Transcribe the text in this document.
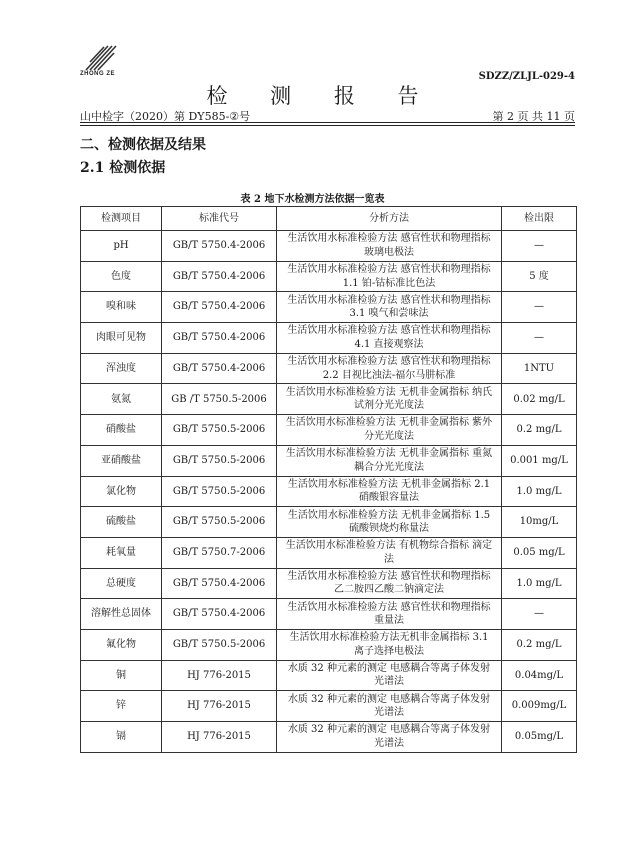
ZHONG ZE	SDZZ/ZLJL-029-4
检 测 报 告
山中检字（2020）第 DY585-②号	第 2 页 共 11 页
二、检测依据及结果
2.1 检测依据
表 2 地下水检测方法依据一览表
检测项目	标准代号	分析方法	检出限
pH	GB/T 5750.4-2006	生活饮用水标准检验方法 感官性状和物理指标 玻璃电极法	—
色度	GB/T 5750.4-2006	生活饮用水标准检验方法 感官性状和物理指标 1.1 铂-钴标准比色法	5 度
嗅和味	GB/T 5750.4-2006	生活饮用水标准检验方法 感官性状和物理指标 3.1 嗅气和尝味法	—
肉眼可见物	GB/T 5750.4-2006	生活饮用水标准检验方法 感官性状和物理指标 4.1 直接观察法	—
浑浊度	GB/T 5750.4-2006	生活饮用水标准检验方法 感官性状和物理指标 2.2 目视比浊法-福尔马肼标准	1NTU
氨氮	GB /T 5750.5-2006	生活饮用水标准检验方法 无机非金属指标 纳氏试剂分光光度法	0.02 mg/L
硝酸盐	GB/T 5750.5-2006	生活饮用水标准检验方法 无机非金属指标 紫外分光光度法	0.2 mg/L
亚硝酸盐	GB/T 5750.5-2006	生活饮用水标准检验方法 无机非金属指标 重氮耦合分光光度法	0.001 mg/L
氯化物	GB/T 5750.5-2006	生活饮用水标准检验方法 无机非金属指标 2.1 硝酸银容量法	1.0 mg/L
硫酸盐	GB/T 5750.5-2006	生活饮用水标准检验方法 无机非金属指标 1.5 硫酸钡烧灼称量法	10mg/L
耗氧量	GB/T 5750.7-2006	生活饮用水标准检验方法 有机物综合指标 滴定法	0.05 mg/L
总硬度	GB/T 5750.4-2006	生活饮用水标准检验方法 感官性状和物理指标 乙二胺四乙酸二钠滴定法	1.0 mg/L
溶解性总固体	GB/T 5750.4-2006	生活饮用水标准检验方法 感官性状和物理指标 重量法	—
氟化物	GB/T 5750.5-2006	生活饮用水标准检验方法无机非金属指标 3.1 离子选择电极法	0.2 mg/L
铜	HJ 776-2015	水质 32 种元素的测定 电感耦合等离子体发射光谱法	0.04mg/L
锌	HJ 776-2015	水质 32 种元素的测定 电感耦合等离子体发射光谱法	0.009mg/L
镉	HJ 776-2015	水质 32 种元素的测定 电感耦合等离子体发射光谱法	0.05mg/L
